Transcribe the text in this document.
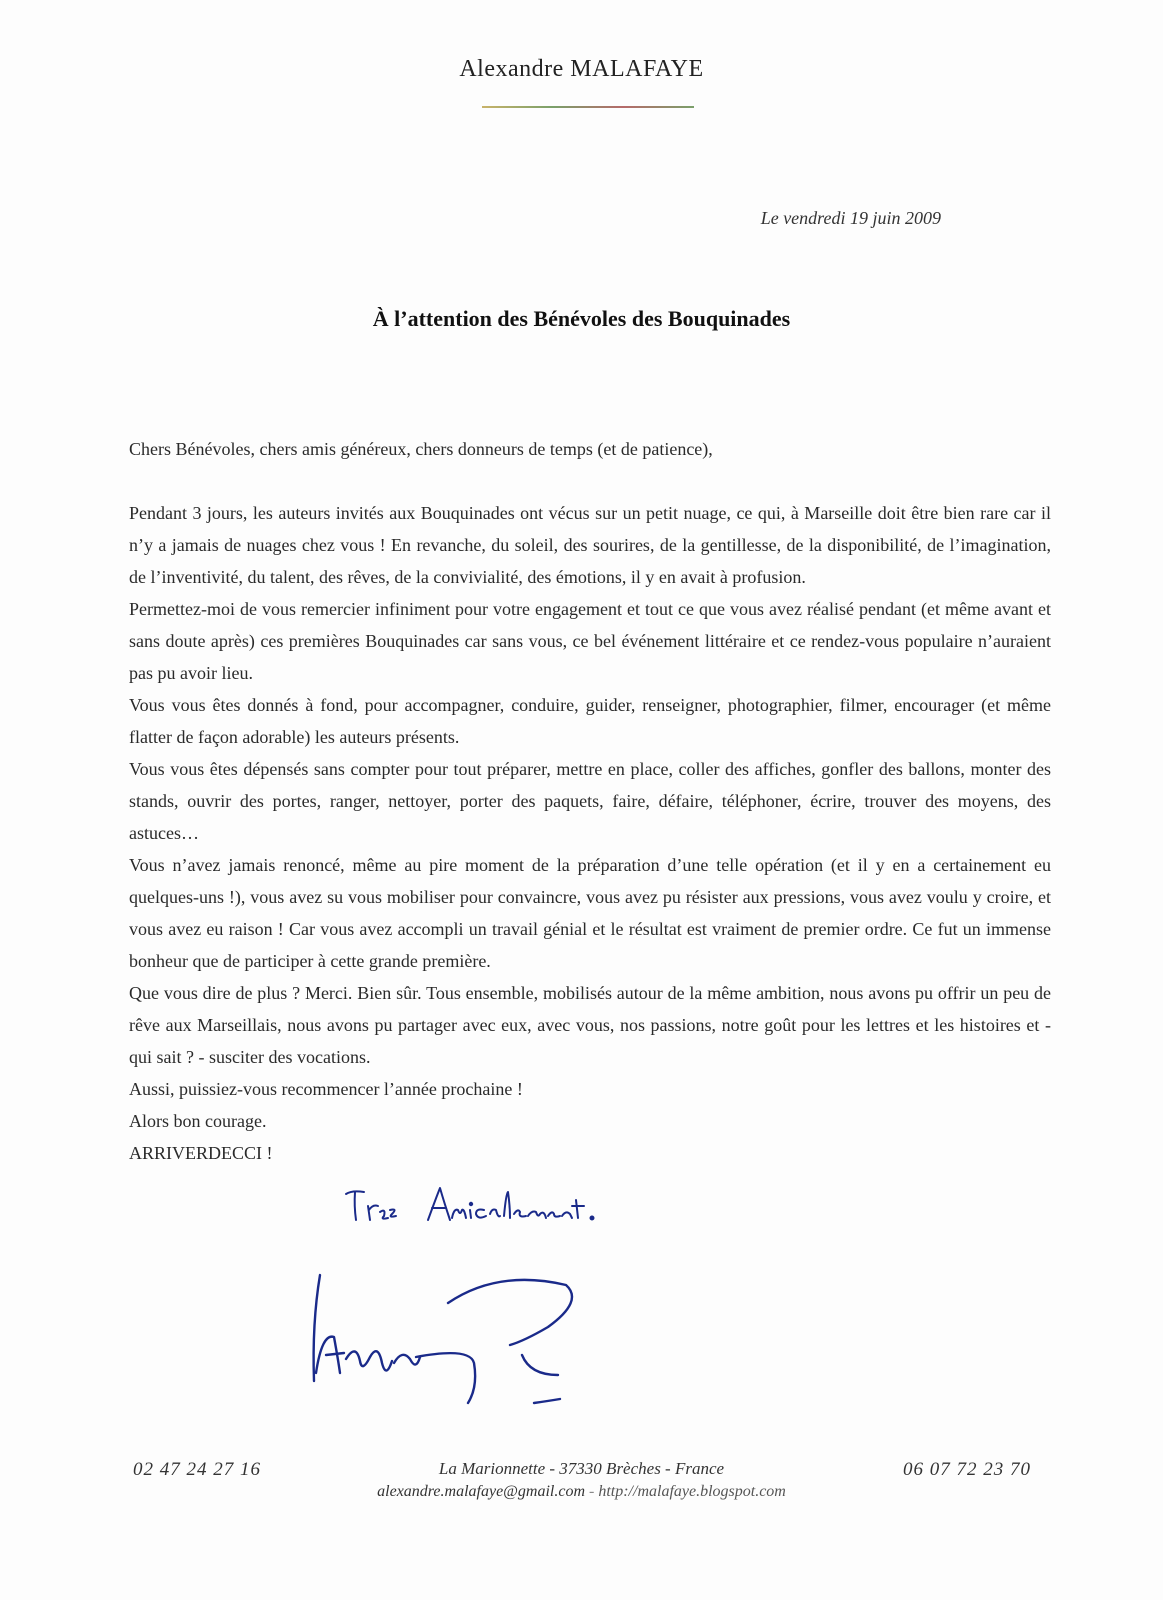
Alexandre MALAFAYE
Le vendredi 19 juin 2009
À l’attention des Bénévoles des Bouquinades

Chers Bénévoles, chers amis généreux, chers donneurs de temps (et de patience),

Pendant 3 jours, les auteurs invités aux Bouquinades ont vécus sur un petit nuage, ce qui, à Marseille doit être bien rare car il n’y a jamais de nuages chez vous ! En revanche, du soleil, des sourires, de la gentillesse, de la disponibilité, de l’imagination, de l’inventivité, du talent, des rêves, de la convivialité, des émotions, il y en avait à profusion.

Permettez-moi de vous remercier infiniment pour votre engagement et tout ce que vous avez réalisé pendant (et même avant et sans doute après) ces premières Bouquinades car sans vous, ce bel événement littéraire et ce rendez-vous populaire n’auraient pas pu avoir lieu.

Vous vous êtes donnés à fond, pour accompagner, conduire, guider, renseigner, photographier, filmer, encourager (et même flatter de façon adorable) les auteurs présents.

Vous vous êtes dépensés sans compter pour tout préparer, mettre en place, coller des affiches, gonfler des ballons, monter des stands, ouvrir des portes, ranger, nettoyer, porter des paquets, faire, défaire, téléphoner, écrire, trouver des moyens, des astuces…

Vous n’avez jamais renoncé, même au pire moment de la préparation d’une telle opération (et il y en a certainement eu quelques-uns !), vous avez su vous mobiliser pour convaincre, vous avez pu résister aux pressions, vous avez voulu y croire, et vous avez eu raison ! Car vous avez accompli un travail génial et le résultat est vraiment de premier ordre. Ce fut un immense bonheur que de participer à cette grande première.

Que vous dire de plus ? Merci. Bien sûr. Tous ensemble, mobilisés autour de la même ambition, nous avons pu offrir un peu de rêve aux Marseillais, nous avons pu partager avec eux, avec vous, nos passions, notre goût pour les lettres et les histoires et - qui sait ? - susciter des vocations.

Aussi, puissiez-vous recommencer l’année prochaine !

Alors bon courage.

ARRIVERDECCI !

02 47 24 27 16	La Marionnette - 37330 Brèches - France	06 07 72 23 70
alexandre.malafaye@gmail.com - http://malafaye.blogspot.com
